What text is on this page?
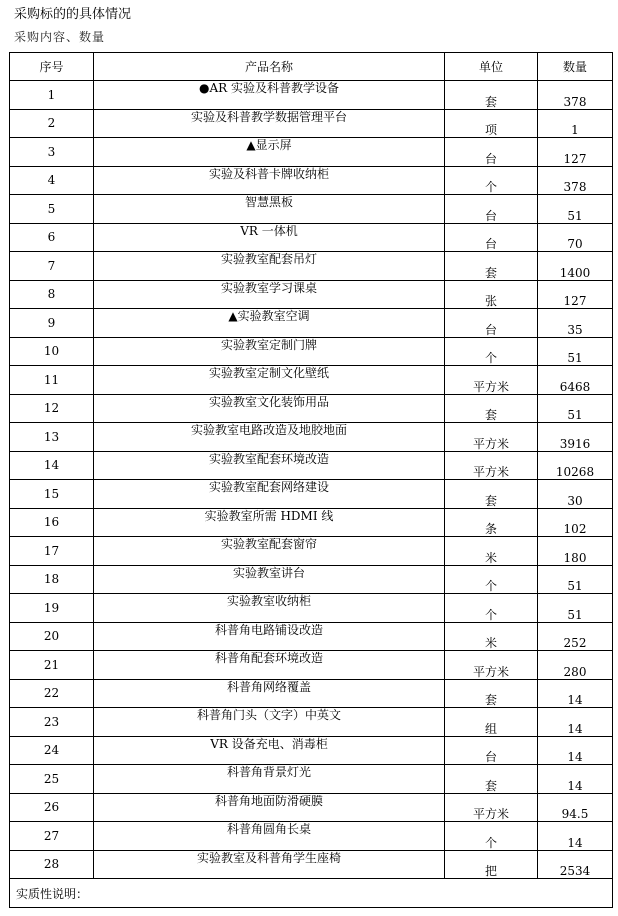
采购标的的具体情况
采购内容、数量
序号	产品名称	单位	数量
1	●AR 实验及科普教学设备	套	378
2	实验及科普教学数据管理平台	项	1
3	▲显示屏	台	127
4	实验及科普卡牌收纳柜	个	378
5	智慧黑板	台	51
6	VR 一体机	台	70
7	实验教室配套吊灯	套	1400
8	实验教室学习课桌	张	127
9	▲实验教室空调	台	35
10	实验教室定制门牌	个	51
11	实验教室定制文化壁纸	平方米	6468
12	实验教室文化装饰用品	套	51
13	实验教室电路改造及地胶地面	平方米	3916
14	实验教室配套环境改造	平方米	10268
15	实验教室配套网络建设	套	30
16	实验教室所需 HDMI 线	条	102
17	实验教室配套窗帘	米	180
18	实验教室讲台	个	51
19	实验教室收纳柜	个	51
20	科普角电路铺设改造	米	252
21	科普角配套环境改造	平方米	280
22	科普角网络覆盖	套	14
23	科普角门头（文字）中英文	组	14
24	VR 设备充电、消毒柜	台	14
25	科普角背景灯光	套	14
26	科普角地面防滑硬膜	平方米	94.5
27	科普角圆角长桌	个	14
28	实验教室及科普角学生座椅	把	2534
实质性说明：			
